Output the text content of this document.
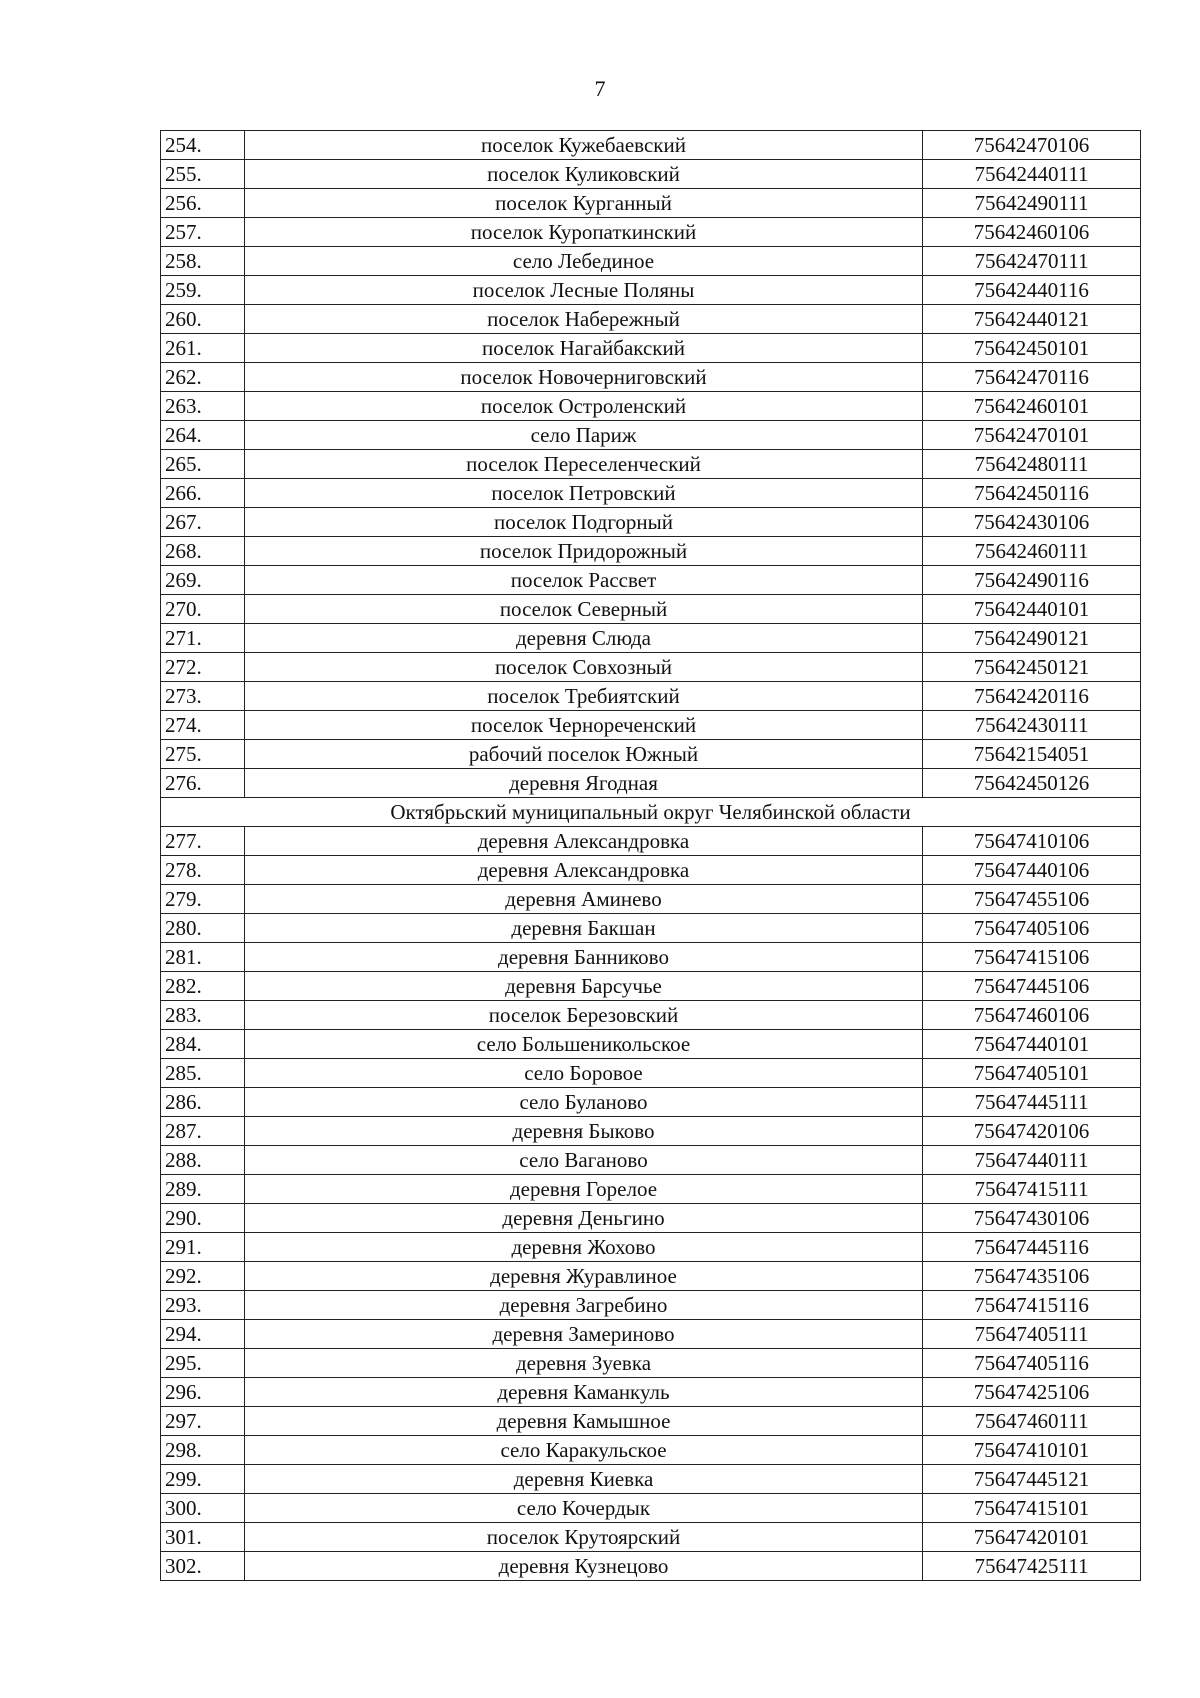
7
254.	поселок Кужебаевский	75642470106
255.	поселок Куликовский	75642440111
256.	поселок Курганный	75642490111
257.	поселок Куропаткинский	75642460106
258.	село Лебединое	75642470111
259.	поселок Лесные Поляны	75642440116
260.	поселок Набережный	75642440121
261.	поселок Нагайбакский	75642450101
262.	поселок Новочерниговский	75642470116
263.	поселок Остроленский	75642460101
264.	село Париж	75642470101
265.	поселок Переселенческий	75642480111
266.	поселок Петровский	75642450116
267.	поселок Подгорный	75642430106
268.	поселок Придорожный	75642460111
269.	поселок Рассвет	75642490116
270.	поселок Северный	75642440101
271.	деревня Слюда	75642490121
272.	поселок Совхозный	75642450121
273.	поселок Требиятский	75642420116
274.	поселок Чернореченский	75642430111
275.	рабочий поселок Южный	75642154051
276.	деревня Ягодная	75642450126
Октябрьский муниципальный округ Челябинской области		
277.	деревня Александровка	75647410106
278.	деревня Александровка	75647440106
279.	деревня Аминево	75647455106
280.	деревня Бакшан	75647405106
281.	деревня Банниково	75647415106
282.	деревня Барсучье	75647445106
283.	поселок Березовский	75647460106
284.	село Большеникольское	75647440101
285.	село Боровое	75647405101
286.	село Буланово	75647445111
287.	деревня Быково	75647420106
288.	село Ваганово	75647440111
289.	деревня Горелое	75647415111
290.	деревня Деньгино	75647430106
291.	деревня Жохово	75647445116
292.	деревня Журавлиное	75647435106
293.	деревня Загребино	75647415116
294.	деревня Замериново	75647405111
295.	деревня Зуевка	75647405116
296.	деревня Каманкуль	75647425106
297.	деревня Камышное	75647460111
298.	село Каракульское	75647410101
299.	деревня Киевка	75647445121
300.	село Кочердык	75647415101
301.	поселок Крутоярский	75647420101
302.	деревня Кузнецово	75647425111
